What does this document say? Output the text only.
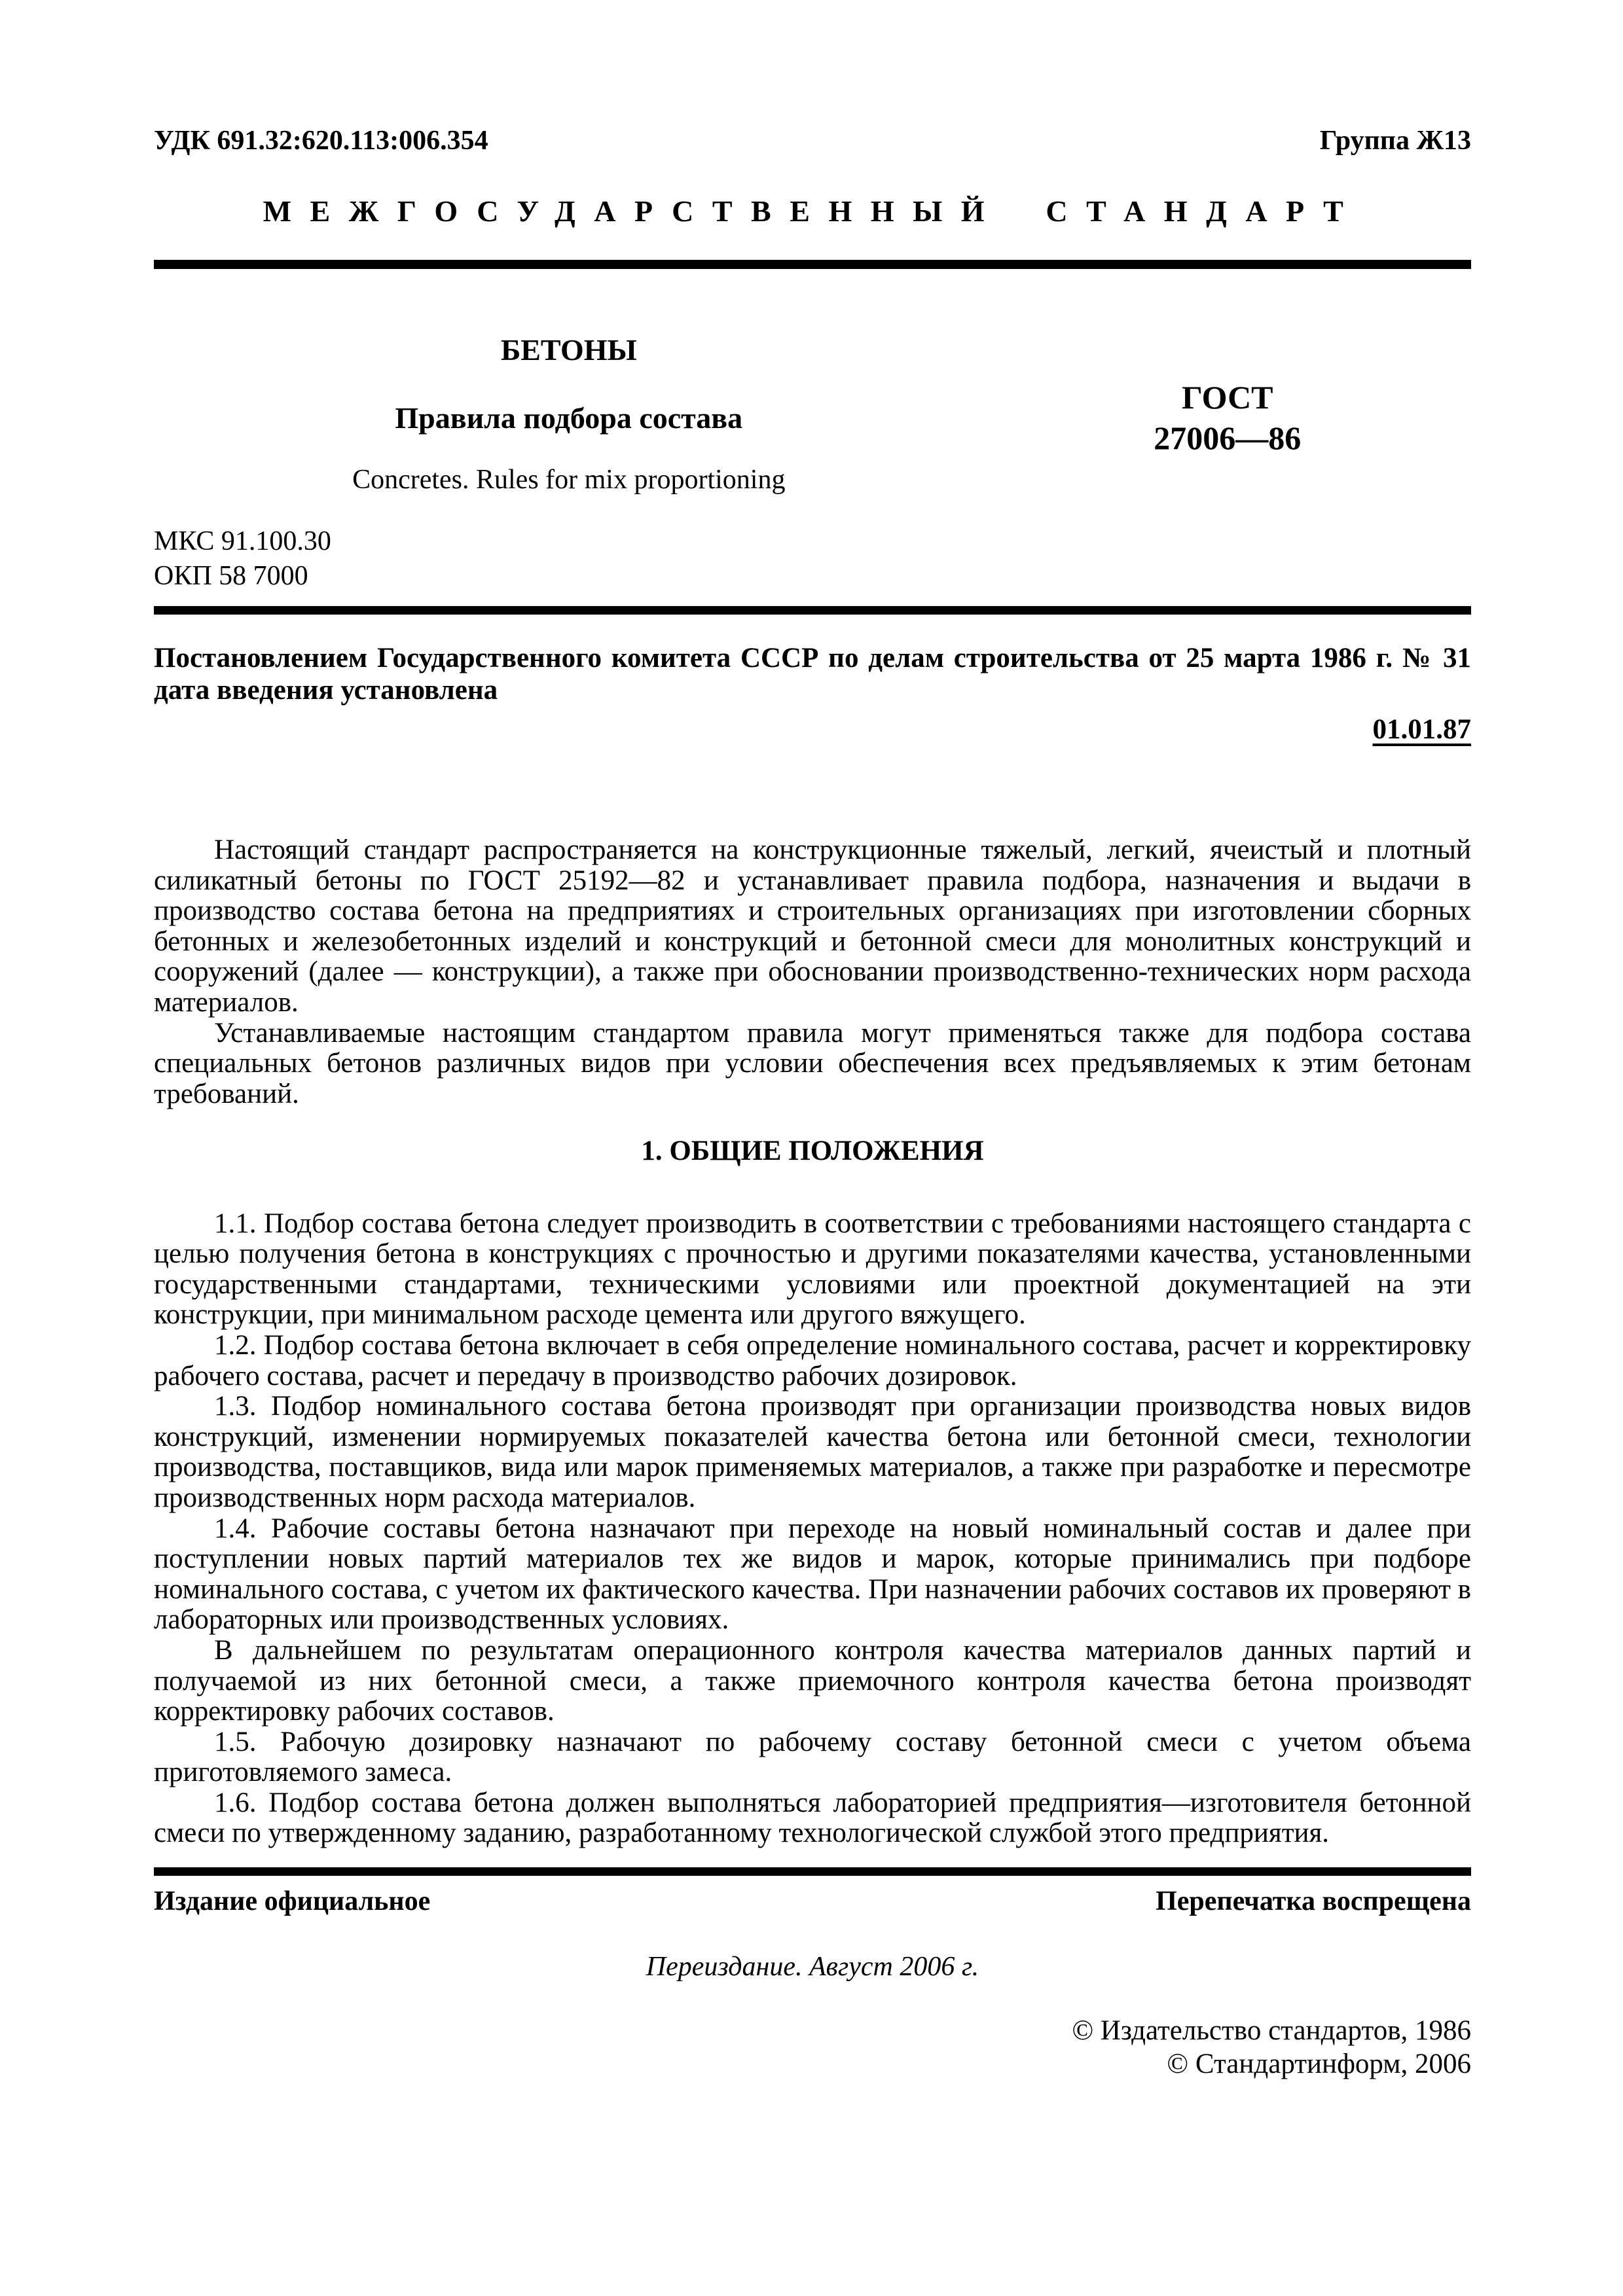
УДК 691.32:620.113:006.354	Группа Ж13
МЕЖГОСУДАРСТВЕННЫЙ СТАНДАРТ
БЕТОНЫ
Правила подбора состава
Concretes. Rules for mix proportioning
ГОСТ
27006—86
МКС 91.100.30
ОКП 58 7000

Постановлением Государственного комитета СССР по делам строительства от 25 марта 1986 г. № 31 дата введения установлена

01.01.87

Настоящий стандарт распространяется на конструкционные тяжелый, легкий, ячеистый и плотный силикатный бетоны по ГОСТ 25192—82 и устанавливает правила подбора, назначения и выдачи в производство состава бетона на предприятиях и строительных организациях при изготовлении сборных бетонных и железобетонных изделий и конструкций и бетонной смеси для монолитных конструкций и сооружений (далее — конструкции), а также при обосновании производственно-технических норм расхода материалов.

Устанавливаемые настоящим стандартом правила могут применяться также для подбора состава специальных бетонов различных видов при условии обеспечения всех предъявляемых к этим бетонам требований.

1. ОБЩИЕ ПОЛОЖЕНИЯ

1.1. Подбор состава бетона следует производить в соответствии с требованиями настоящего стандарта с целью получения бетона в конструкциях с прочностью и другими показателями качества, установленными государственными стандартами, техническими условиями или проектной документацией на эти конструкции, при минимальном расходе цемента или другого вяжущего.

1.2. Подбор состава бетона включает в себя определение номинального состава, расчет и корректировку рабочего состава, расчет и передачу в производство рабочих дозировок.

1.3. Подбор номинального состава бетона производят при организации производства новых видов конструкций, изменении нормируемых показателей качества бетона или бетонной смеси, технологии производства, поставщиков, вида или марок применяемых материалов, а также при разработке и пересмотре производственных норм расхода материалов.

1.4. Рабочие составы бетона назначают при переходе на новый номинальный состав и далее при поступлении новых партий материалов тех же видов и марок, которые принимались при подборе номинального состава, с учетом их фактического качества. При назначении рабочих составов их проверяют в лабораторных или производственных условиях.

В дальнейшем по результатам операционного контроля качества материалов данных партий и получаемой из них бетонной смеси, а также приемочного контроля качества бетона производят корректировку рабочих составов.

1.5. Рабочую дозировку назначают по рабочему составу бетонной смеси с учетом объема приготовляемого замеса.

1.6. Подбор состава бетона должен выполняться лабораторией предприятия—изготовителя бетонной смеси по утвержденному заданию, разработанному технологической службой этого предприятия.

Издание официальное	Перепечатка воспрещена
Переиздание. Август 2006 г.
© Издательство стандартов, 1986
© Стандартинформ, 2006
